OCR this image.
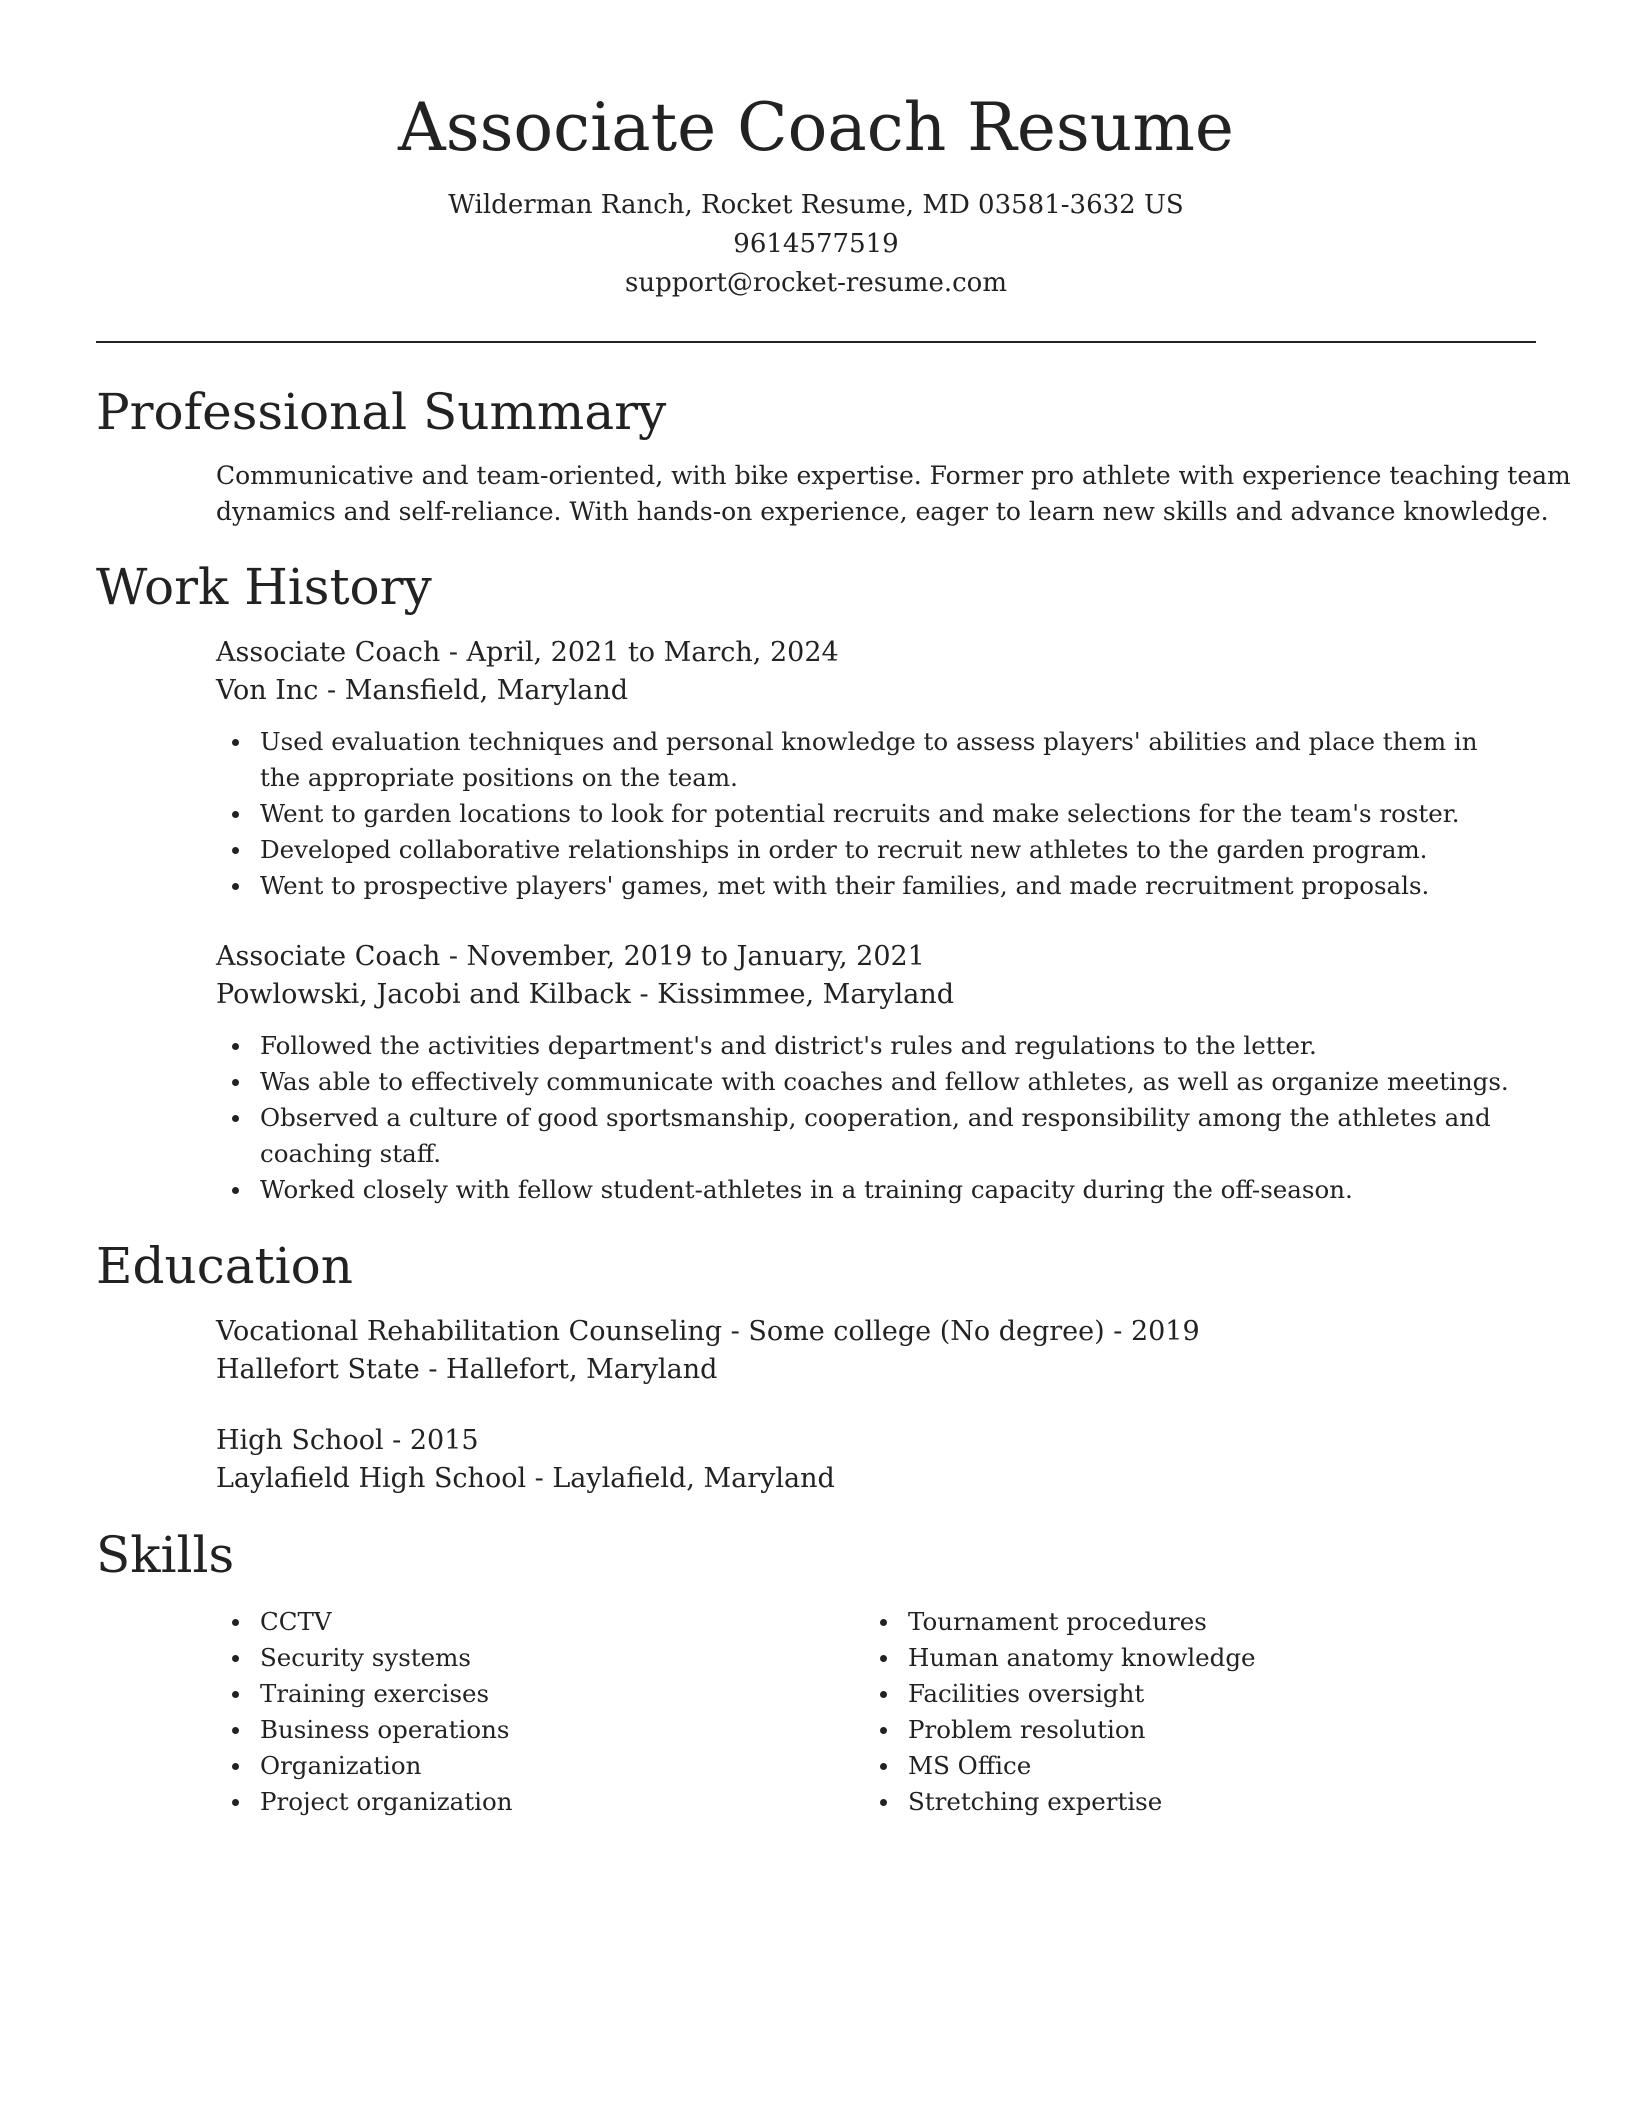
Associate Coach Resume
Wilderman Ranch, Rocket Resume, MD 03581-3632 US
9614577519
support@rocket-resume.com
Professional Summary
Communicative and team-oriented, with bike expertise. Former pro athlete with experience teaching team
dynamics and self-reliance. With hands-on experience, eager to learn new skills and advance knowledge.
Work History
Associate Coach - April, 2021 to March, 2024
Von Inc - Mansfield, Maryland
Used evaluation techniques and personal knowledge to assess players' abilities and place them in the appropriate positions on the team.
Went to garden locations to look for potential recruits and make selections for the team's roster.
Developed collaborative relationships in order to recruit new athletes to the garden program.
Went to prospective players' games, met with their families, and made recruitment proposals.
Associate Coach - November, 2019 to January, 2021
Powlowski, Jacobi and Kilback - Kissimmee, Maryland
Followed the activities department's and district's rules and regulations to the letter.
Was able to effectively communicate with coaches and fellow athletes, as well as organize meetings.
Observed a culture of good sportsmanship, cooperation, and responsibility among the athletes and coaching staff.
Worked closely with fellow student-athletes in a training capacity during the off-season.
Education
Vocational Rehabilitation Counseling - Some college (No degree) - 2019
Hallefort State - Hallefort, Maryland
High School - 2015
Laylafield High School - Laylafield, Maryland
Skills
CCTV
Security systems
Training exercises
Business operations
Organization
Project organization
Tournament procedures
Human anatomy knowledge
Facilities oversight
Problem resolution
MS Office
Stretching expertise
